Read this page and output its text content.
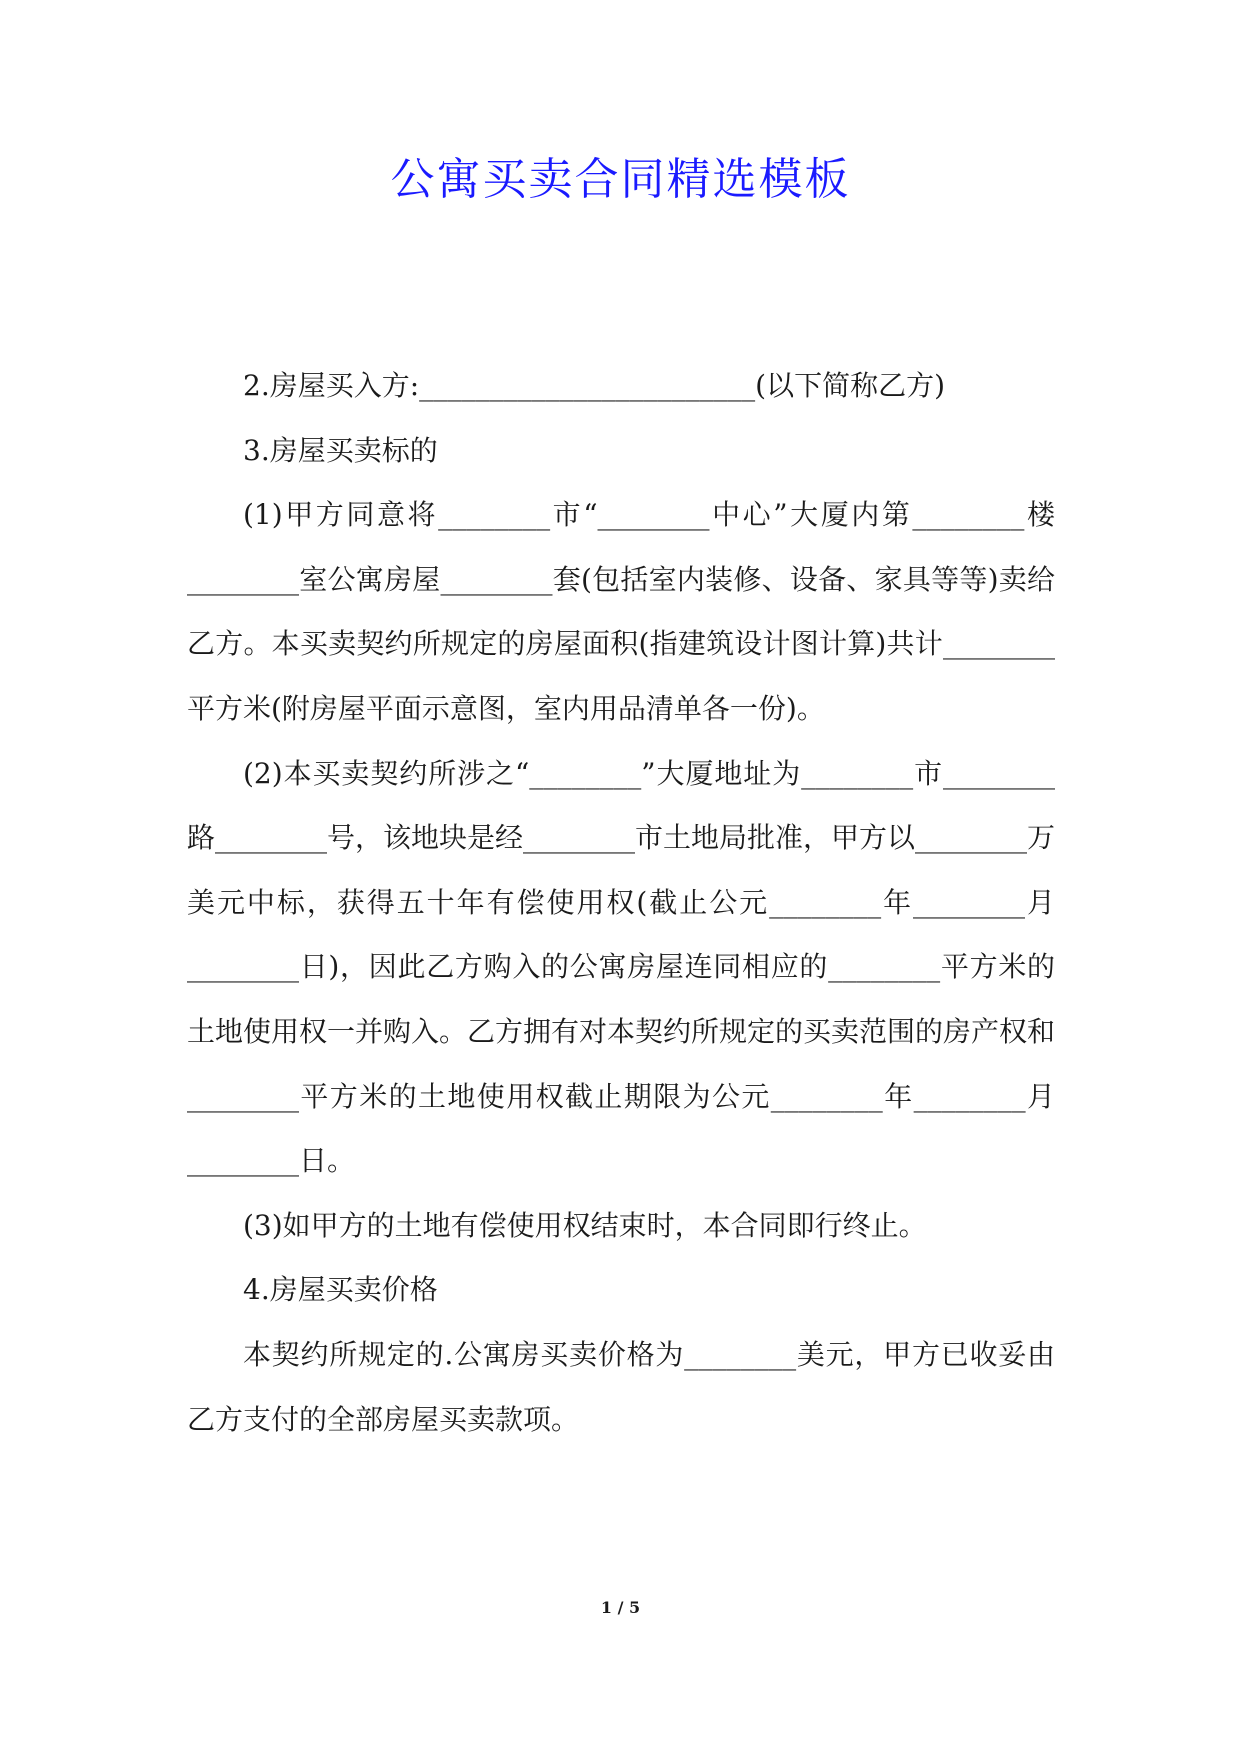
公寓买卖合同精选模板

2.房屋买入方:________________________(以下简称乙方)

3.房屋买卖标的

(1)甲方同意将________市“________中心”大厦内第________楼________室公寓房屋________套(包括室内装修、设备、家具等等)卖给乙方。本买卖契约所规定的房屋面积(指建筑设计图计算)共计________平方米(附房屋平面示意图，室内用品清单各一份)。

(2)本买卖契约所涉之“________”大厦地址为________市________路________号，该地块是经________市土地局批准，甲方以________万美元中标，获得五十年有偿使用权(截止公元________年________月________日)，因此乙方购入的公寓房屋连同相应的________平方米的土地使用权一并购入。乙方拥有对本契约所规定的买卖范围的房产权和________平方米的土地使用权截止期限为公元________年________月________日。

(3)如甲方的土地有偿使用权结束时，本合同即行终止。

4.房屋买卖价格

本契约所规定的.公寓房买卖价格为________美元，甲方已收妥由乙方支付的全部房屋买卖款项。

1 / 5
